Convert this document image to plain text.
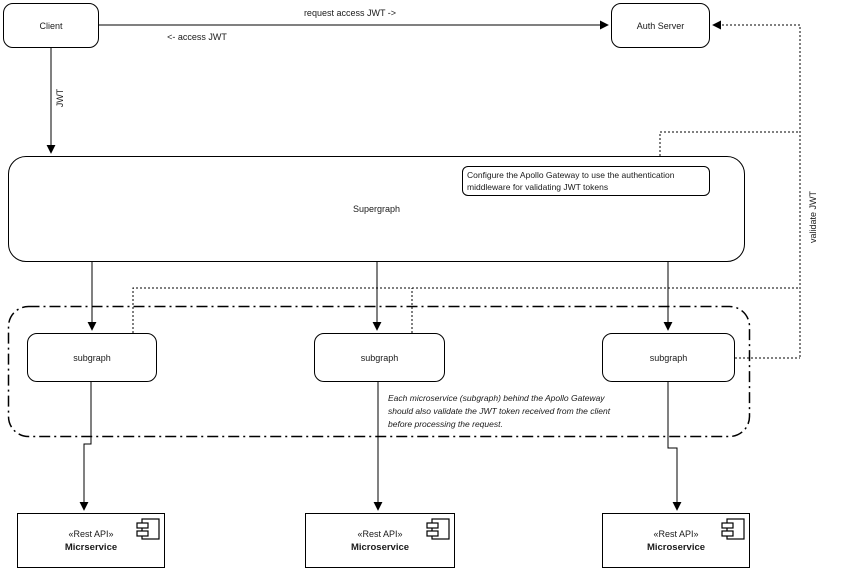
Client	Auth Server
Supergraph
Configure the Apollo Gateway to use the authentication
middleware for validating JWT tokens
subgraph	subgraph	subgraph
Each microservice (subgraph) behind the Apollo Gateway
should also validate the JWT token received from the client
before processing the request.
«Rest API»
Micrservice
«Rest API»
Microservice
«Rest API»
Microservice
request access JWT ->
<- access JWT
JWT
validate JWT
